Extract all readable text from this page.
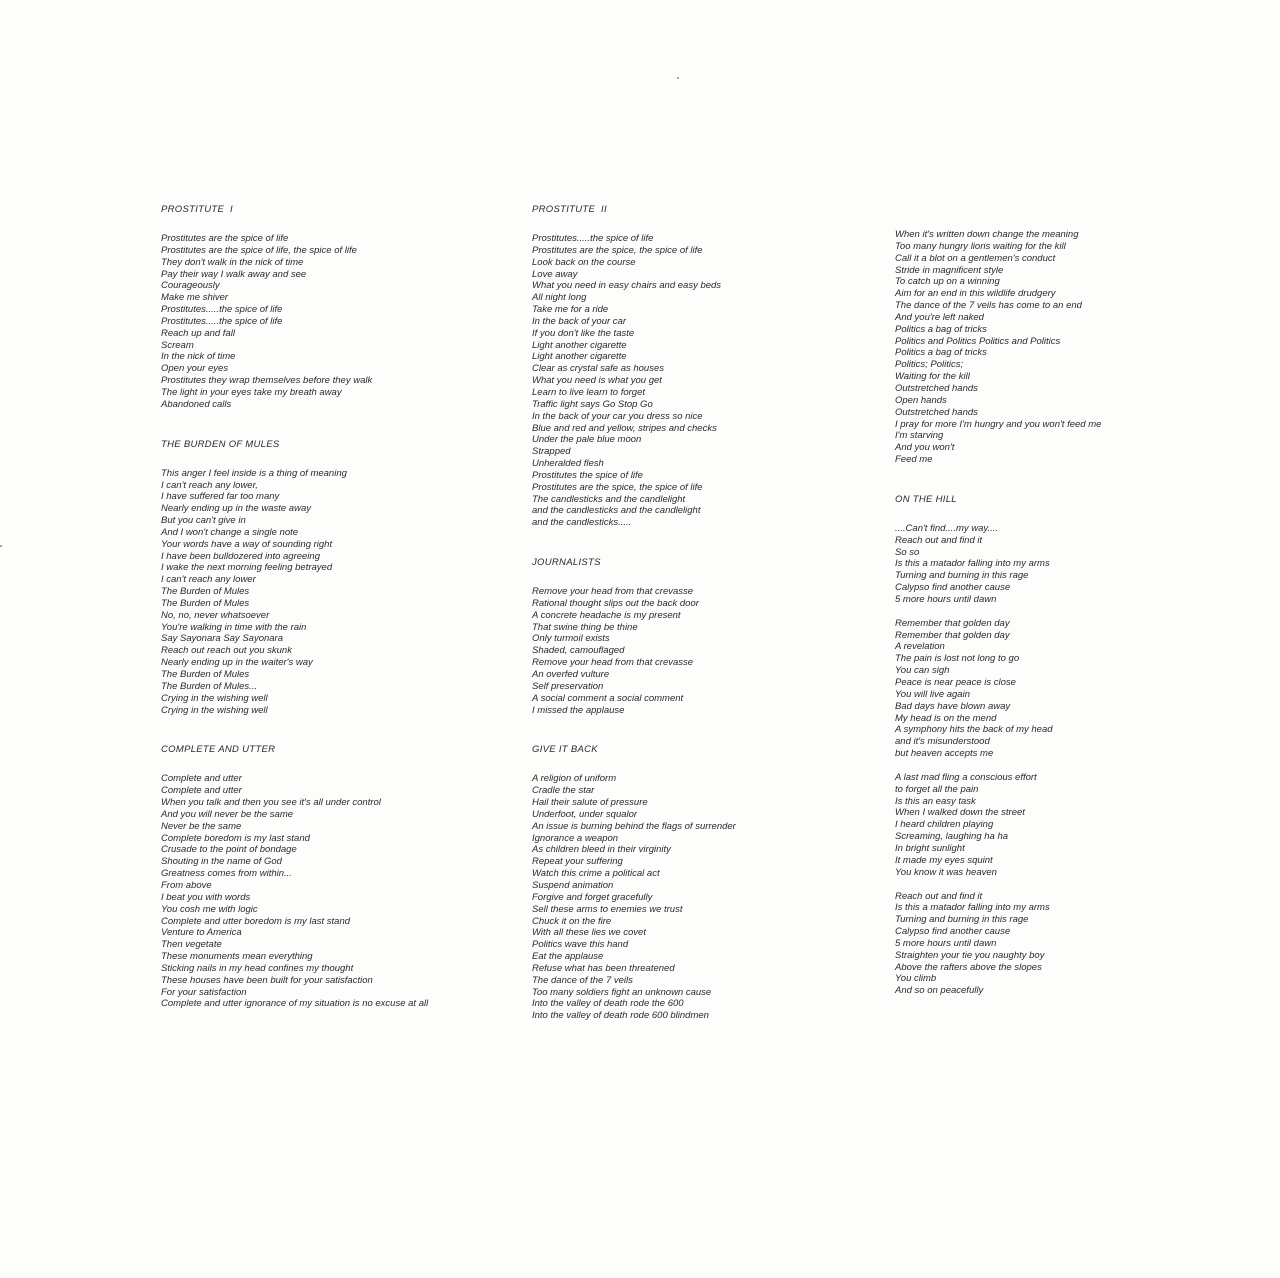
PROSTITUTE  I
Prostitutes are the spice of life
Prostitutes are the spice of life, the spice of life
They don't walk in the nick of time
Pay their way I walk away and see
Courageously
Make me shiver
Prostitutes.....the spice of life
Prostitutes.....the spice of life
Reach up and fall
Scream
In the nick of time
Open your eyes
Prostitutes they wrap themselves before they walk
The light in your eyes take my breath away
Abandoned calls
THE BURDEN OF MULES
This anger I feel inside is a thing of meaning
I can't reach any lower,
I have suffered far too many
Nearly ending up in the waste away
But you can't give in
And I won't change a single note
Your words have a way of sounding right
I have been bulldozered into agreeing
I wake the next morning feeling betrayed
I can't reach any lower
The Burden of Mules
The Burden of Mules
No, no, never whatsoever
You're walking in time with the rain
Say Sayonara Say Sayonara
Reach out reach out you skunk
Nearly ending up in the waiter's way
The Burden of Mules
The Burden of Mules...
Crying in the wishing well
Crying in the wishing well
COMPLETE AND UTTER
Complete and utter
Complete and utter
When you talk and then you see it's all under control
And you will never be the same
Never be the same
Complete boredom is my last stand
Crusade to the point of bondage
Shouting in the name of God
Greatness comes from within...
From above
I beat you with words
You cosh me with logic
Complete and utter boredom is my last stand
Venture to America
Then vegetate
These monuments mean everything
Sticking nails in my head confines my thought
These houses have been built for your satisfaction
For your satisfaction
Complete and utter ignorance of my situation is no excuse at all
PROSTITUTE  II
Prostitutes.....the spice of life
Prostitutes are the spice, the spice of life
Look back on the course
Love away
What you need in easy chairs and easy beds
All night long
Take me for a ride
In the back of your car
If you don't like the taste
Light another cigarette
Light another cigarette
Clear as crystal safe as houses
What you need is what you get
Learn to live learn to forget
Traffic light says Go Stop Go
In the back of your car you dress so nice
Blue and red and yellow, stripes and checks
Under the pale blue moon
Strapped
Unheralded flesh
Prostitutes the spice of life
Prostitutes are the spice, the spice of life
The candlesticks and the candlelight
and the candlesticks and the candlelight
and the candlesticks.....
JOURNALISTS
Remove your head from that crevasse
Rational thought slips out the back door
A concrete headache is my present
That swine thing be thine
Only turmoil exists
Shaded, camouflaged
Remove your head from that crevasse
An overfed vulture
Self preservation
A social comment a social comment
I missed the applause
GIVE IT BACK
A religion of uniform
Cradle the star
Hail their salute of pressure
Underfoot, under squalor
An issue is burning behind the flags of surrender
Ignorance a weapon
As children bleed in their virginity
Repeat your suffering
Watch this crime a political act
Suspend animation
Forgive and forget gracefully
Sell these arms to enemies we trust
Chuck it on the fire
With all these lies we covet
Politics wave this hand
Eat the applause
Refuse what has been threatened
The dance of the 7 veils
Too many soldiers fight an unknown cause
Into the valley of death rode the 600
Into the valley of death rode 600 blindmen
When it's written down change the meaning
Too many hungry lions waiting for the kill
Call it a blot on a gentlemen's conduct
Stride in magnificent style
To catch up on a winning
Aim for an end in this wildlife drudgery
The dance of the 7 veils has come to an end
And you're left naked
Politics a bag of tricks
Politics and Politics Politics and Politics
Politics a bag of tricks
Politics; Politics;
Waiting for the kill
Outstretched hands
Open hands
Outstretched hands
I pray for more I'm hungry and you won't feed me
I'm starving
And you won't
Feed me
ON THE HILL
....Can't find....my way....
Reach out and find it
So so
Is this a matador falling into my arms
Turning and burning in this rage
Calypso find another cause
5 more hours until dawn
Remember that golden day
Remember that golden day
A revelation
The pain is lost not long to go
You can sigh
Peace is near peace is close
You will live again
Bad days have blown away
My head is on the mend
A symphony hits the back of my head
and it's misunderstood
but heaven accepts me
A last mad fling a conscious effort
to forget all the pain
Is this an easy task
When I walked down the street
I heard children playing
Screaming, laughing ha ha
In bright sunlight
It made my eyes squint
You know it was heaven
Reach out and find it
Is this a matador falling into my arms
Turning and burning in this rage
Calypso find another cause
5 more hours until dawn
Straighten your tie you naughty boy
Above the rafters above the slopes
You climb
And so on peacefully
